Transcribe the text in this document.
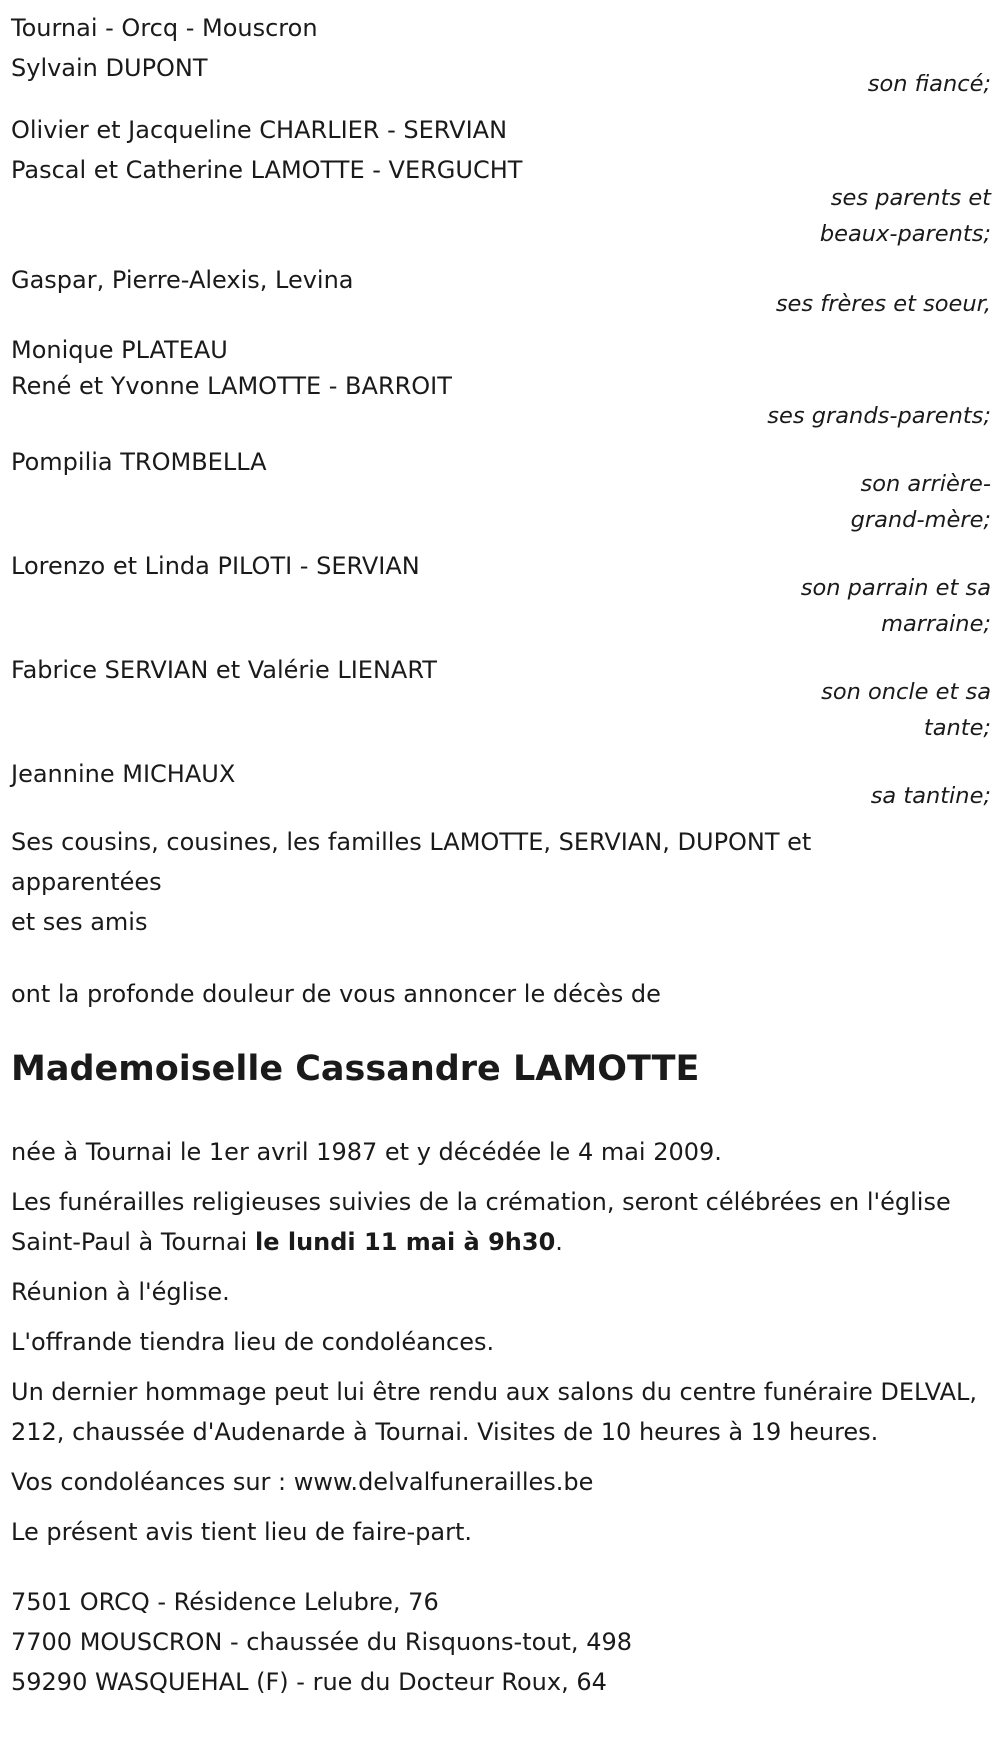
Tournai - Orcq - Mouscron
Sylvain DUPONT
son fiancé;
Olivier et Jacqueline CHARLIER - SERVIAN
Pascal et Catherine LAMOTTE - VERGUCHT
ses parents et
beaux-parents;
Gaspar, Pierre-Alexis, Levina
ses frères et soeur,
Monique PLATEAU
René et Yvonne LAMOTTE - BARROIT
ses grands-parents;
Pompilia TROMBELLA
son arrière-
grand-mère;
Lorenzo et Linda PILOTI - SERVIAN
son parrain et sa
marraine;
Fabrice SERVIAN et Valérie LIENART
son oncle et sa
tante;
Jeannine MICHAUX
sa tantine;
Ses cousins, cousines, les familles LAMOTTE, SERVIAN, DUPONT et
apparentées
et ses amis
ont la profonde douleur de vous annoncer le décès de
Mademoiselle Cassandre LAMOTTE
née à Tournai le 1er avril 1987 et y décédée le 4 mai 2009.
Les funérailles religieuses suivies de la crémation, seront célébrées en l'église Saint-Paul à Tournai le lundi 11 mai à 9h30.
Réunion à l'église.
L'offrande tiendra lieu de condoléances.
Un dernier hommage peut lui être rendu aux salons du centre funéraire DELVAL, 212, chaussée d'Audenarde à Tournai. Visites de 10 heures à 19 heures.
Vos condoléances sur : www.delvalfunerailles.be
Le présent avis tient lieu de faire-part.
7501 ORCQ - Résidence Lelubre, 76
7700 MOUSCRON - chaussée du Risquons-tout, 498
59290 WASQUEHAL (F) - rue du Docteur Roux, 64
